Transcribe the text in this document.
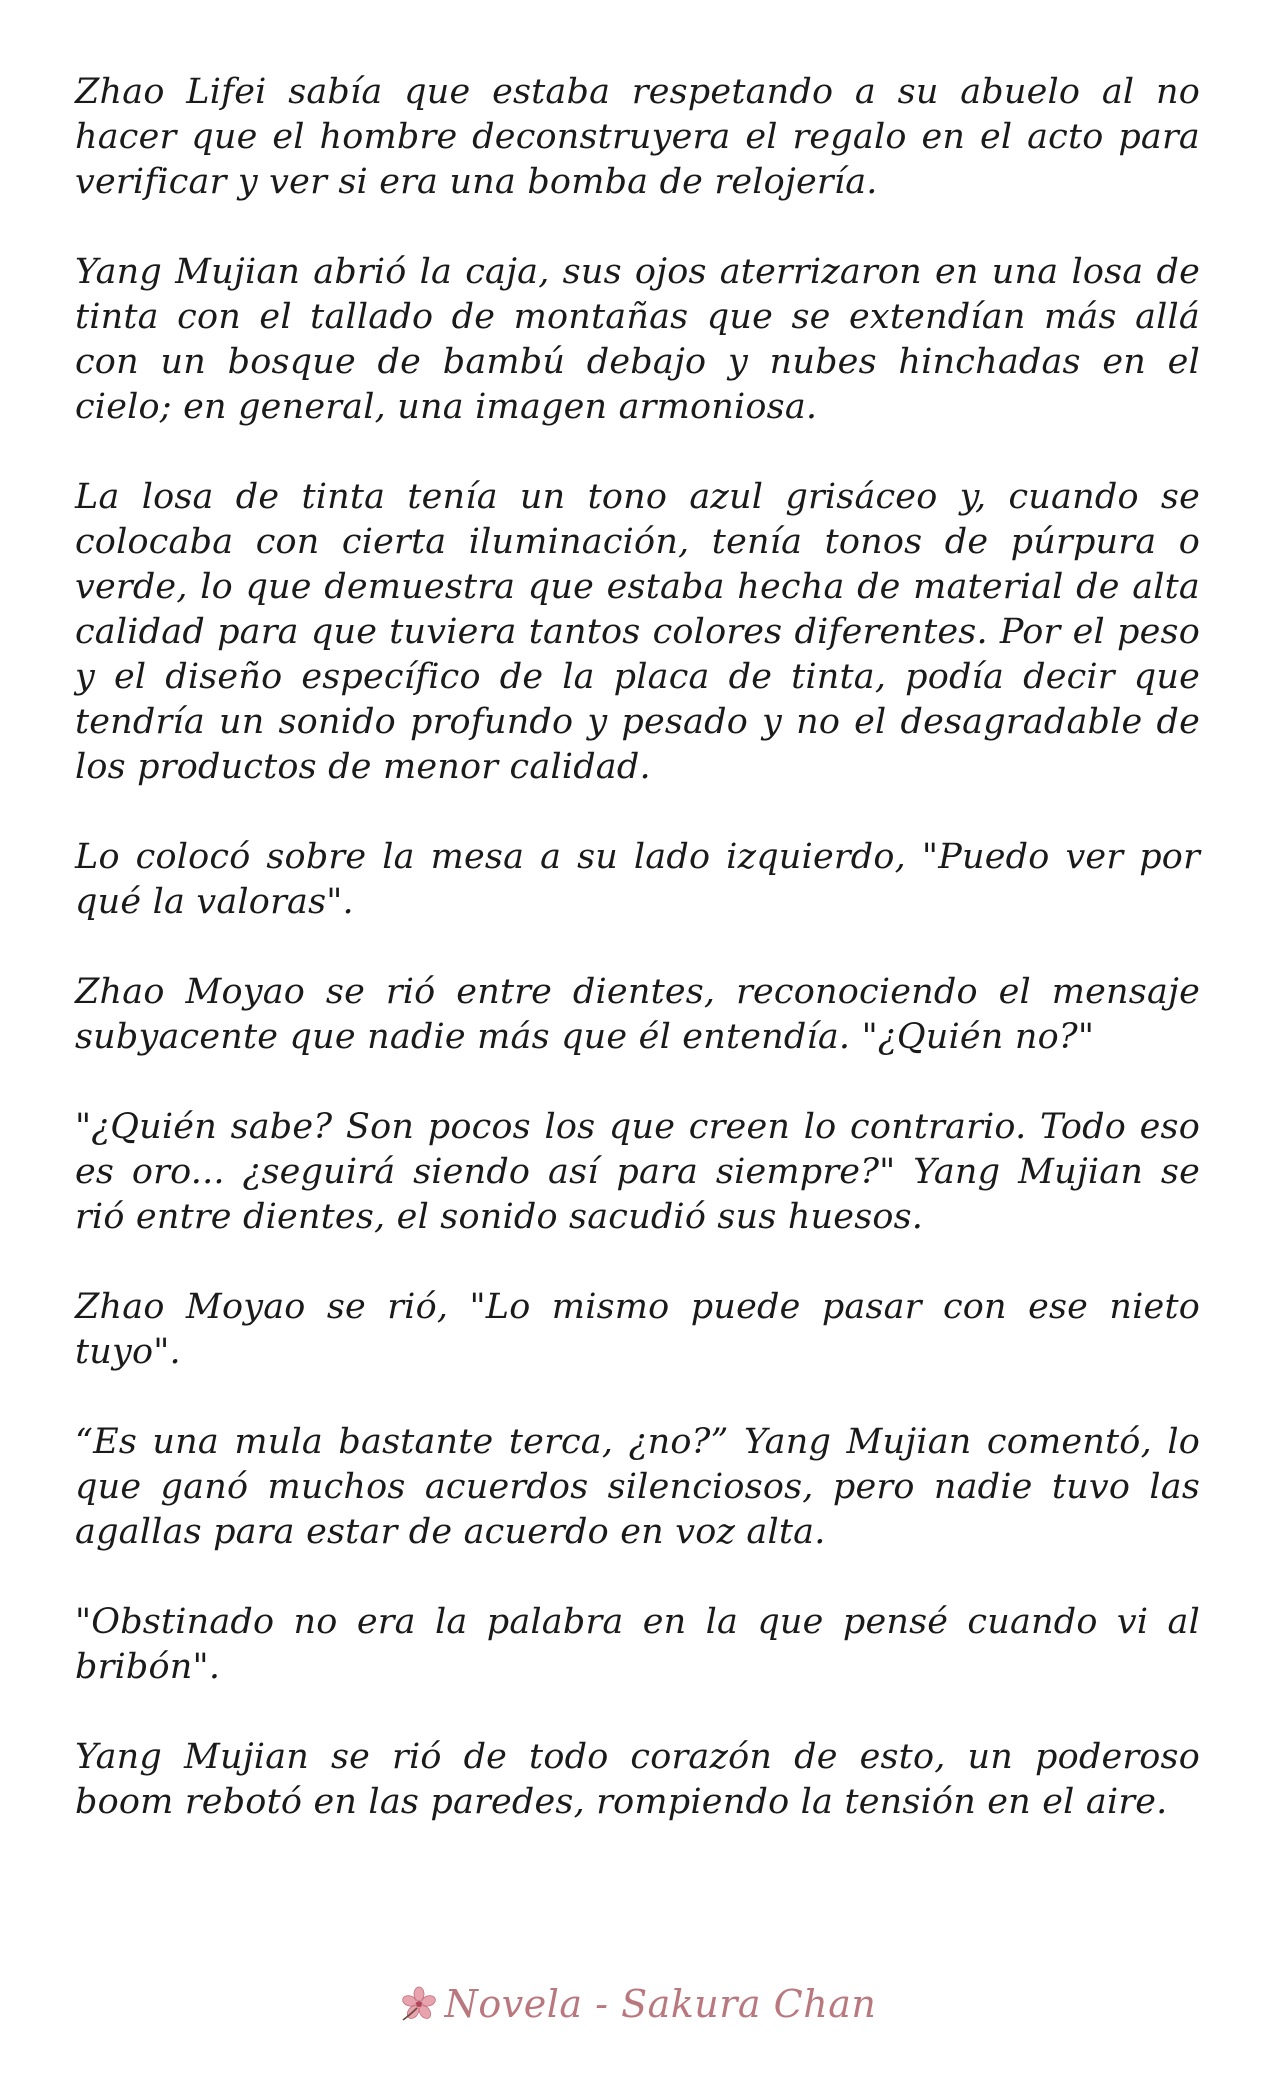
Zhao Lifei sabía que estaba respetando a su abuelo al no hacer que el hombre deconstruyera el regalo en el acto para verificar y ver si era una bomba de relojería.

Yang Mujian abrió la caja, sus ojos aterrizaron en una losa de tinta con el tallado de montañas que se extendían más allá con un bosque de bambú debajo y nubes hinchadas en el cielo; en general, una imagen armoniosa.

La losa de tinta tenía un tono azul grisáceo y, cuando se colocaba con cierta iluminación, tenía tonos de púrpura o verde, lo que demuestra que estaba hecha de material de alta calidad para que tuviera tantos colores diferentes. Por el peso y el diseño específico de la placa de tinta, podía decir que tendría un sonido profundo y pesado y no el desagradable de los productos de menor calidad.

Lo colocó sobre la mesa a su lado izquierdo, "Puedo ver por qué la valoras".

Zhao Moyao se rió entre dientes, reconociendo el mensaje subyacente que nadie más que él entendía. "¿Quién no?"

"¿Quién sabe? Son pocos los que creen lo contrario. Todo eso es oro... ¿seguirá siendo así para siempre?" Yang Mujian se rió entre dientes, el sonido sacudió sus huesos.

Zhao Moyao se rió, "Lo mismo puede pasar con ese nieto tuyo".

“Es una mula bastante terca, ¿no?” Yang Mujian comentó, lo que ganó muchos acuerdos silenciosos, pero nadie tuvo las agallas para estar de acuerdo en voz alta.

"Obstinado no era la palabra en la que pensé cuando vi al bribón".

Yang Mujian se rió de todo corazón de esto, un poderoso boom rebotó en las paredes, rompiendo la tensión en el aire.

Novela - Sakura Chan
